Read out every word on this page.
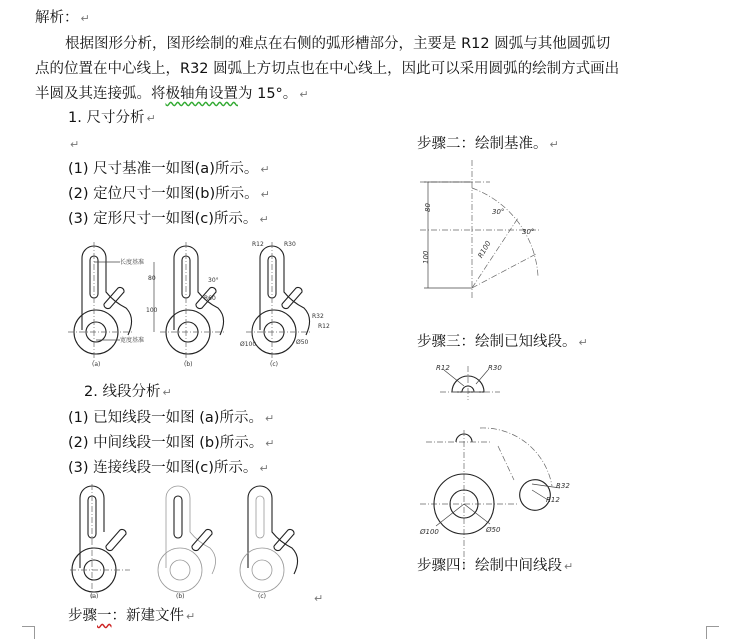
解析： ↵
根据图形分析，图形绘制的难点在右侧的弧形槽部分，主要是 R12 圆弧与其他圆弧切
点的位置在中心线上，R32 圆弧上方切点也在中心线上，因此可以采用圆弧的绘制方式画出
半圆及其连接弧。将极轴角设置为 15°。 ↵
1. 尺寸分析 ↵
↵
(1) 尺寸基准一如图(a)所示。 ↵
(2) 定位尺寸一如图(b)所示。 ↵
(3) 定形尺寸一如图(c)所示。 ↵
长度基准
宽度基准
(a)
80
100
R60
30°
(b)
R12	R30
R32
R12
Ø100	Ø50
(c)
2. 线段分析 ↵
(1) 已知线段一如图 (a)所示。 ↵
(2) 中间线段一如图 (b)所示。 ↵
(3) 连接线段一如图(c)所示。 ↵
(a)	(b)	(c)	↵
步骤一：新建文件 ↵
步骤二：绘制基准。 ↵
80
100	R100
30°
30°
步骤三：绘制已知线段。 ↵
R12	R30
R32
R12
Ø100	Ø50
步骤四：绘制中间线段 ↵
